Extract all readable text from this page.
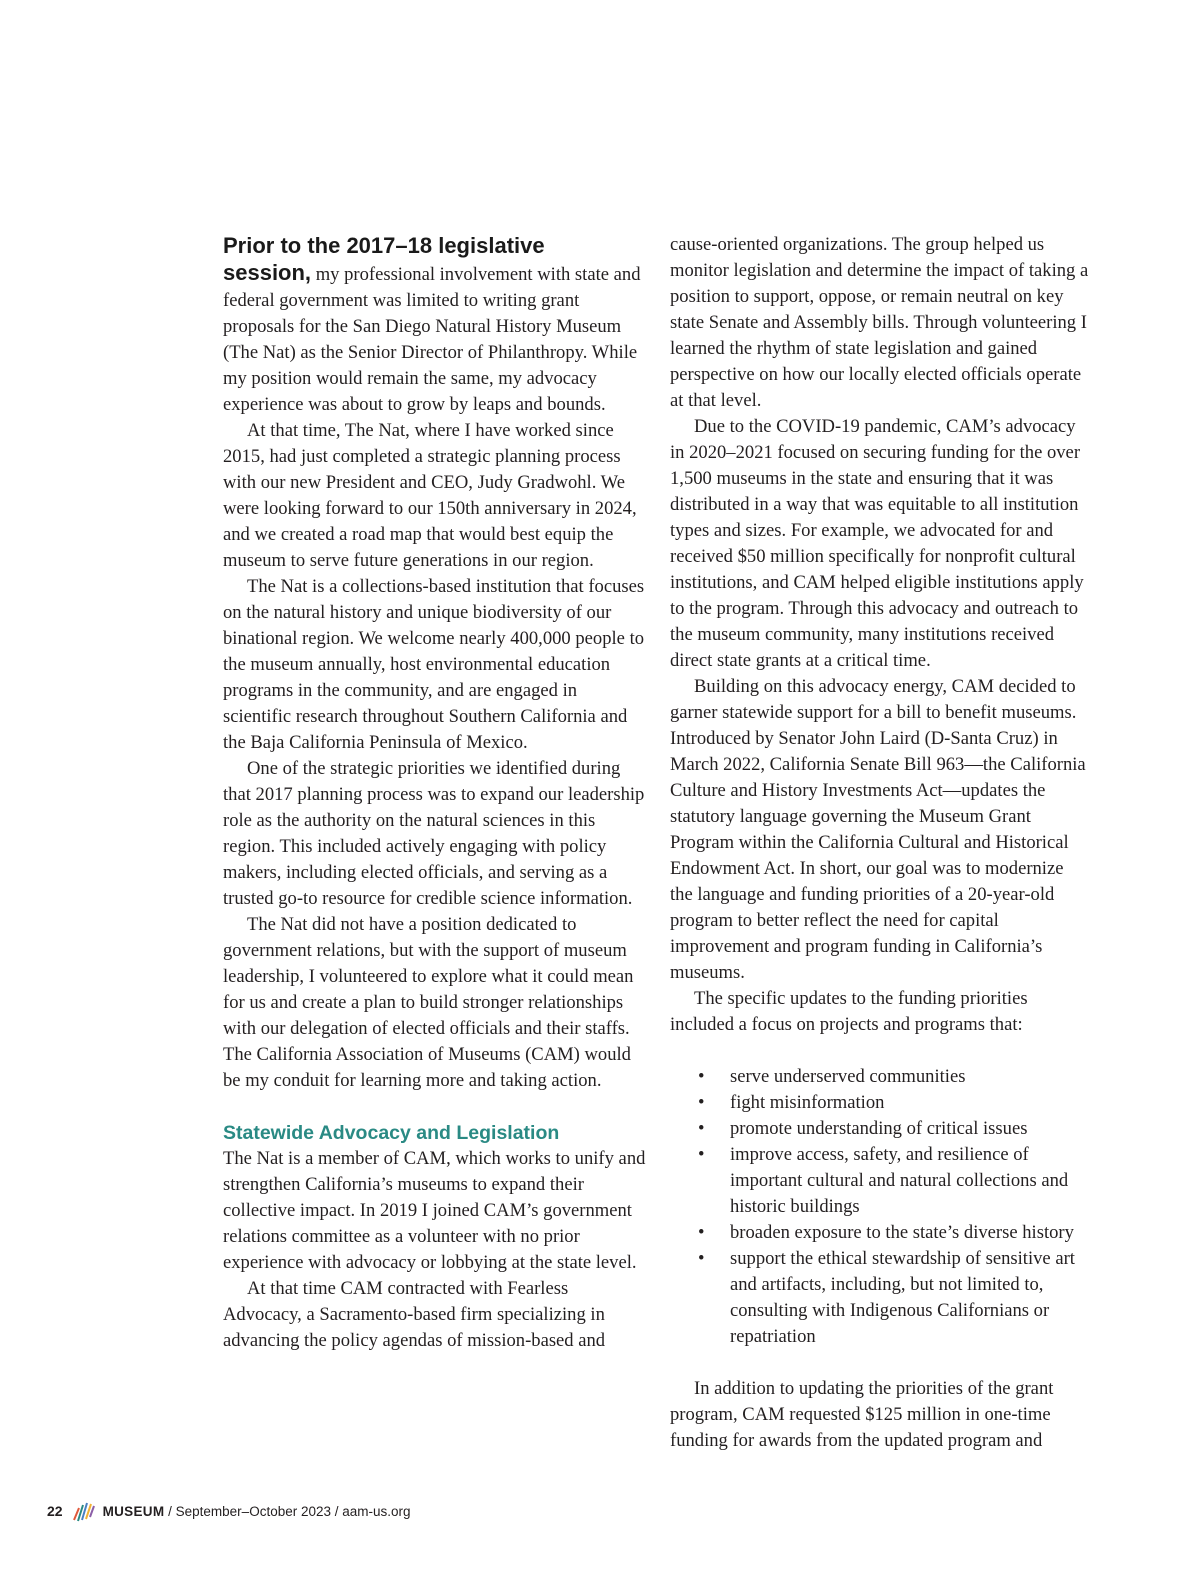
Prior to the 2017–18 legislative
session, my professional involvement with state and federal government was limited to writing grant proposals for the San Diego Natural History Museum (The Nat) as the Senior Director of Philanthropy. While my position would remain the same, my advocacy experience was about to grow by leaps and bounds.

At that time, The Nat, where I have worked since 2015, had just completed a strategic planning process with our new President and CEO, Judy Gradwohl. We were looking forward to our 150th anniversary in 2024, and we created a road map that would best equip the museum to serve future generations in our region.

The Nat is a collections-based institution that focuses on the natural history and unique biodiversity of our binational region. We welcome nearly 400,000 people to the museum annually, host environmental education programs in the community, and are engaged in scientific research throughout Southern California and the Baja California Peninsula of Mexico.

One of the strategic priorities we identified during that 2017 planning process was to expand our leadership role as the authority on the natural sciences in this region. This included actively engaging with policy makers, including elected officials, and serving as a trusted go-to resource for credible science information.

The Nat did not have a position dedicated to government relations, but with the support of museum leadership, I volunteered to explore what it could mean for us and create a plan to build stronger relationships with our delegation of elected officials and their staffs. The California Association of Museums (CAM) would be my conduit for learning more and taking action.

Statewide Advocacy and Legislation

The Nat is a member of CAM, which works to unify and strengthen California’s museums to expand their collective impact. In 2019 I joined CAM’s government relations committee as a volunteer with no prior experience with advocacy or lobbying at the state level.

At that time CAM contracted with Fearless Advocacy, a Sacramento-based firm specializing in advancing the policy agendas of mission-based and

cause-oriented organizations. The group helped us monitor legislation and determine the impact of taking a position to support, oppose, or remain neutral on key state Senate and Assembly bills. Through volunteering I learned the rhythm of state legislation and gained perspective on how our locally elected officials operate at that level.

Due to the COVID-19 pandemic, CAM’s advocacy in 2020–2021 focused on securing funding for the over 1,500 museums in the state and ensuring that it was distributed in a way that was equitable to all institution types and sizes. For example, we advocated for and received $50 million specifically for nonprofit cultural institutions, and CAM helped eligible institutions apply to the program. Through this advocacy and outreach to the museum community, many institutions received direct state grants at a critical time.

Building on this advocacy energy, CAM decided to garner statewide support for a bill to benefit museums. Introduced by Senator John Laird (D-Santa Cruz) in March 2022, California Senate Bill 963—the California Culture and History Investments Act—updates the statutory language governing the Museum Grant Program within the California Cultural and Historical Endowment Act. In short, our goal was to modernize the language and funding priorities of a 20-year-old program to better reflect the need for capital improvement and program funding in California’s museums.

The specific updates to the funding priorities included a focus on projects and programs that:

• serve underserved communities
• fight misinformation
• promote understanding of critical issues
• improve access, safety, and resilience of important cultural and natural collections and historic buildings
• broaden exposure to the state’s diverse history
• support the ethical stewardship of sensitive art and artifacts, including, but not limited to, consulting with Indigenous Californians or repatriation

In addition to updating the priorities of the grant program, CAM requested $125 million in one-time funding for awards from the updated program and

22	MUSEUM / September–October 2023 / aam-us.org
